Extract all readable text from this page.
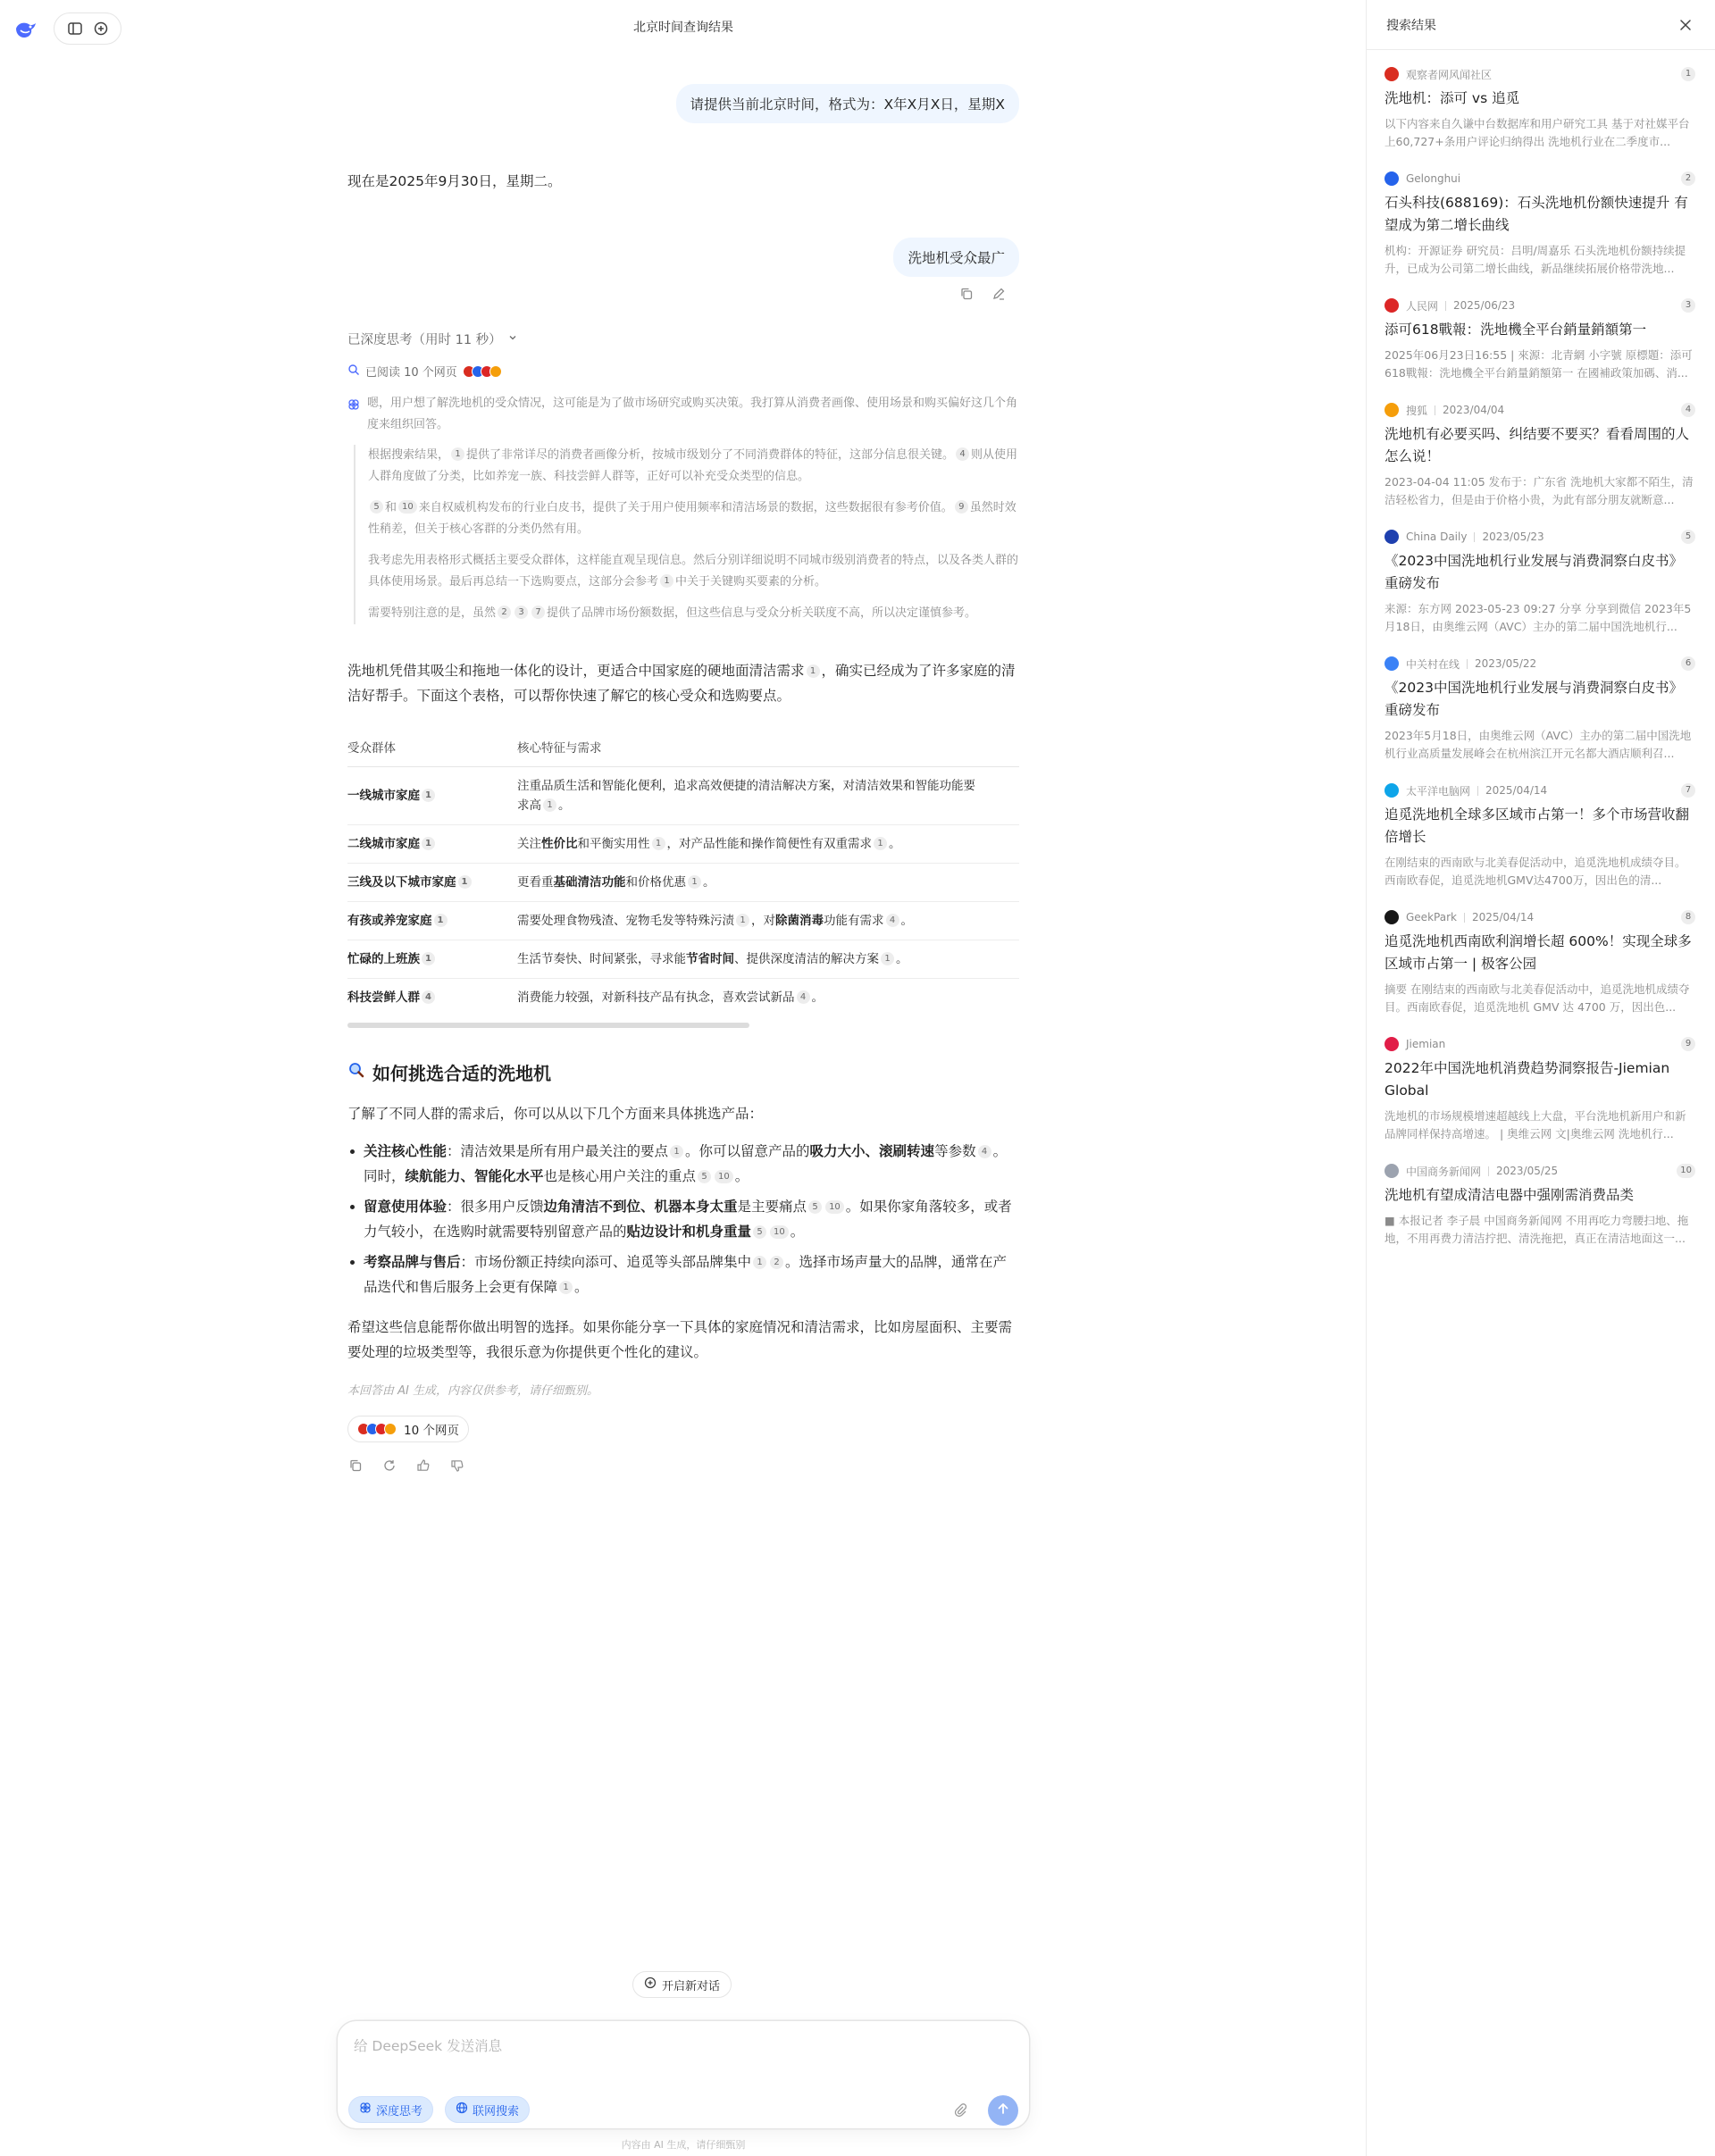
北京时间查询结果
请提供当前北京时间，格式为：X年X月X日，星期X
现在是2025年9月30日，星期二。
洗地机受众最广
已深度思考（用时 11 秒）
已阅读 10 个网页
嗯，用户想了解洗地机的受众情况，这可能是为了做市场研究或购买决策。我打算从消费者画像、使用场景和购买偏好这几个角度来组织回答。

根据搜索结果， 1 提供了非常详尽的消费者画像分析，按城市级划分了不同消费群体的特征，这部分信息很关键。 4 则从使用人群角度做了分类，比如养宠一族、科技尝鲜人群等，正好可以补充受众类型的信息。

5 和 10 来自权威机构发布的行业白皮书，提供了关于用户使用频率和清洁场景的数据，这些数据很有参考价值。 9 虽然时效性稍差，但关于核心客群的分类仍然有用。

我考虑先用表格形式概括主要受众群体，这样能直观呈现信息。然后分别详细说明不同城市级别消费者的特点，以及各类人群的具体使用场景。最后再总结一下选购要点，这部分会参考 1 中关于关键购买要素的分析。

需要特别注意的是，虽然 2 3 7 提供了品牌市场份额数据，但这些信息与受众分析关联度不高，所以决定谨慎参考。

洗地机凭借其吸尘和拖地一体化的设计，更适合中国家庭的硬地面清洁需求 1 ，确实已经成为了许多家庭的清洁好帮手。下面这个表格，可以帮你快速了解它的核心受众和选购要点。
受众群体	核心特征与需求
一线城市家庭 1	注重品质生活和智能化便利，追求高效便捷的清洁解决方案，对清洁效果和智能功能要
求高 1 。
二线城市家庭 1	关注性价比和平衡实用性 1 ，对产品性能和操作简便性有双重需求 1 。
三线及以下城市家庭 1	更看重基础清洁功能和价格优惠 1 。
有孩或养宠家庭 1	需要处理食物残渣、宠物毛发等特殊污渍 1 ，对除菌消毒功能有需求 4 。
忙碌的上班族 1	生活节奏快、时间紧张，寻求能节省时间、提供深度清洁的解决方案 1 。
科技尝鲜人群 4	消费能力较强，对新科技产品有执念，喜欢尝试新品 4 。
如何挑选合适的洗地机
了解了不同人群的需求后，你可以从以下几个方面来具体挑选产品：
关注核心性能：清洁效果是所有用户最关注的要点 1 。你可以留意产品的吸力大小、滚刷转速等参数 4 。同时，续航能力、智能化水平也是核心用户关注的重点 5 10 。
留意使用体验：很多用户反馈边角清洁不到位、机器本身太重是主要痛点 5 10 。如果你家角落较多，或者力气较小，在选购时就需要特别留意产品的贴边设计和机身重量 5 10 。
考察品牌与售后：市场份额正持续向添可、追觅等头部品牌集中 1 2 。选择市场声量大的品牌，通常在产品迭代和售后服务上会更有保障 1 。
希望这些信息能帮你做出明智的选择。如果你能分享一下具体的家庭情况和清洁需求，比如房屋面积、主要需要处理的垃圾类型等，我很乐意为你提供更个性化的建议。
本回答由 AI 生成，内容仅供参考，请仔细甄别。
10 个网页
开启新对话
给 DeepSeek 发送消息
深度思考	联网搜索
内容由 AI 生成，请仔细甄别
搜索结果
观察者网风闻社区	1
洗地机：添可 vs 追觅
以下内容来自久谦中台数据库和用户研究工具 基于对社媒平台上60,727+条用户评论归纳得出 洗地机行业在二季度市...
Gelonghui	2
石头科技(688169)：石头洗地机份额快速提升 有望成为第二增长曲线
机构：开源证券 研究员：吕明/周嘉乐 石头洗地机份额持续提升，已成为公司第二增长曲线，新品继续拓展价格带洗地...
人民网 2025/06/23	3
添可618戰報：洗地機全平台銷量銷額第一
2025年06月23日16:55 | 來源：北青網 小字號 原標題：添可618戰報：洗地機全平台銷量銷額第一 在國補政策加碼、消...
搜狐 2023/04/04	4
洗地机有必要买吗、纠结要不要买？看看周围的人怎么说！
2023-04-04 11:05 发布于：广东省 洗地机大家都不陌生，清洁轻松省力，但是由于价格小贵，为此有部分朋友就断意...
China Daily 2023/05/23	5
《2023中国洗地机行业发展与消费洞察白皮书》重磅发布
来源：东方网 2023-05-23 09:27 分享 分享到微信 2023年5月18日，由奥维云网（AVC）主办的第二届中国洗地机行...
中关村在线 2023/05/22	6
《2023中国洗地机行业发展与消费洞察白皮书》重磅发布
2023年5月18日，由奥维云网（AVC）主办的第二届中国洗地机行业高质量发展峰会在杭州滨江开元名都大酒店顺利召...
太平洋电脑网 2025/04/14	7
追觅洗地机全球多区域市占第一！多个市场营收翻倍增长
在刚结束的西南欧与北美春促活动中，追觅洗地机成绩夺目。西南欧春促，追觅洗地机GMV达4700万，因出色的清...
GeekPark 2025/04/14	8
追觅洗地机西南欧利润增长超 600%！实现全球多区域市占第一 | 极客公园
摘要 在刚结束的西南欧与北美春促活动中，追觅洗地机成绩夺目。西南欧春促，追觅洗地机 GMV 达 4700 万，因出色...
Jiemian	9
2022年中国洗地机消费趋势洞察报告-Jiemian Global
洗地机的市场规模增速超越线上大盘，平台洗地机新用户和新品牌同样保持高增速。 | 奥维云网 文|奥维云网 洗地机行...
中国商务新闻网 2023/05/25	10
洗地机有望成清洁电器中强刚需消费品类
■ 本报记者 李子晨 中国商务新闻网 不用再吃力弯腰扫地、拖地，不用再费力清洁拧把、清洗拖把，真正在清洁地面这一...
